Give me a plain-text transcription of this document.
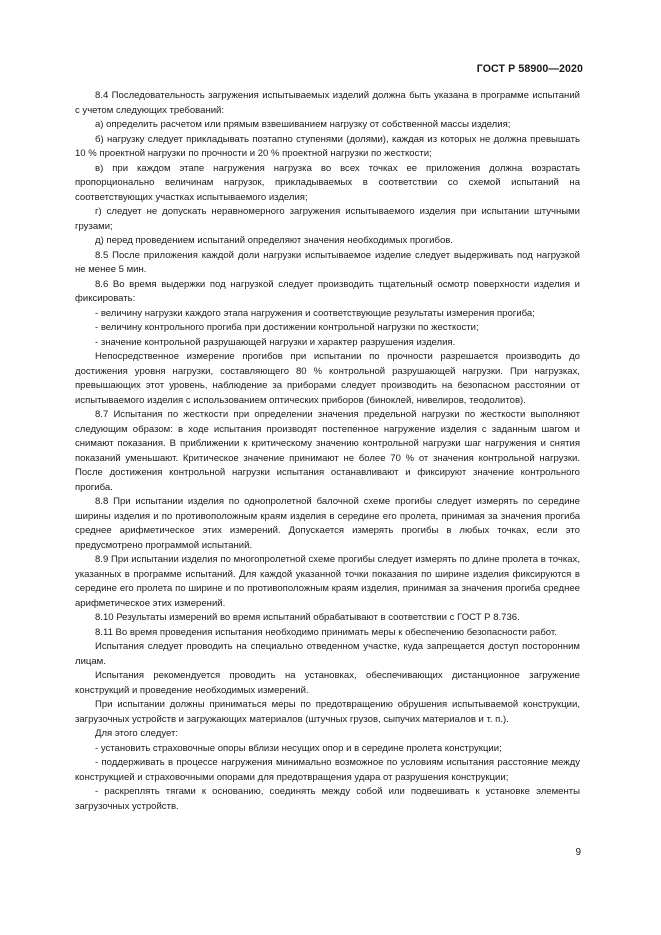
ГОСТ Р 58900—2020

8.4 Последовательность загружения испытываемых изделий должна быть указана в программе испытаний с учетом следующих требований:

а) определить расчетом или прямым взвешиванием нагрузку от собственной массы изделия;

б) нагрузку следует прикладывать поэтапно ступенями (долями), каждая из которых не должна превышать 10 % проектной нагрузки по прочности и 20 % проектной нагрузки по жесткости;

в) при каждом этапе нагружения нагрузка во всех точках ее приложения должна возрастать пропорционально величинам нагрузок, прикладываемых в соответствии со схемой испытаний на соответствующих участках испытываемого изделия;

г) следует не допускать неравномерного загружения испытываемого изделия при испытании штучными грузами;

д) перед проведением испытаний определяют значения необходимых прогибов.

8.5 После приложения каждой доли нагрузки испытываемое изделие следует выдерживать под нагрузкой не менее 5 мин.

8.6 Во время выдержки под нагрузкой следует производить тщательный осмотр поверхности изделия и фиксировать:

- величину нагрузки каждого этапа нагружения и соответствующие результаты измерения прогиба;

- величину контрольного прогиба при достижении контрольной нагрузки по жесткости;

- значение контрольной разрушающей нагрузки и характер разрушения изделия.

Непосредственное измерение прогибов при испытании по прочности разрешается производить до достижения уровня нагрузки, составляющего 80 % контрольной разрушающей нагрузки. При нагрузках, превышающих этот уровень, наблюдение за приборами следует производить на безопасном расстоянии от испытываемого изделия с использованием оптических приборов (биноклей, нивелиров, теодолитов).

8.7 Испытания по жесткости при определении значения предельной нагрузки по жесткости выполняют следующим образом: в ходе испытания производят постепенное нагружение изделия с заданным шагом и снимают показания. В приближении к критическому значению контрольной нагрузки шаг нагружения и снятия показаний уменьшают. Критическое значение принимают не более 70 % от значения контрольной нагрузки. После достижения контрольной нагрузки испытания останавливают и фиксируют значение контрольного прогиба.

8.8 При испытании изделия по однопролетной балочной схеме прогибы следует измерять по середине ширины изделия и по противоположным краям изделия в середине его пролета, принимая за значения прогиба среднее арифметическое этих измерений. Допускается измерять прогибы в любых точках, если это предусмотрено программой испытаний.

8.9 При испытании изделия по многопролетной схеме прогибы следует измерять по длине пролета в точках, указанных в программе испытаний. Для каждой указанной точки показания по ширине изделия фиксируются в середине его пролета по ширине и по противоположным краям изделия, принимая за значения прогиба среднее арифметическое этих измерений.

8.10 Результаты измерений во время испытаний обрабатывают в соответствии с ГОСТ Р 8.736.

8.11 Во время проведения испытания необходимо принимать меры к обеспечению безопасности работ.

Испытания следует проводить на специально отведенном участке, куда запрещается доступ посторонним лицам.

Испытания рекомендуется проводить на установках, обеспечивающих дистанционное загружение конструкций и проведение необходимых измерений.

При испытании должны приниматься меры по предотвращению обрушения испытываемой конструкции, загрузочных устройств и загружающих материалов (штучных грузов, сыпучих материалов и т. п.).

Для этого следует:

- установить страховочные опоры вблизи несущих опор и в середине пролета конструкции;

- поддерживать в процессе нагружения минимально возможное по условиям испытания расстояние между конструкцией и страховочными опорами для предотвращения удара от разрушения конструкции;

- раскреплять тягами к основанию, соединять между собой или подвешивать к установке элементы загрузочных устройств.

9
